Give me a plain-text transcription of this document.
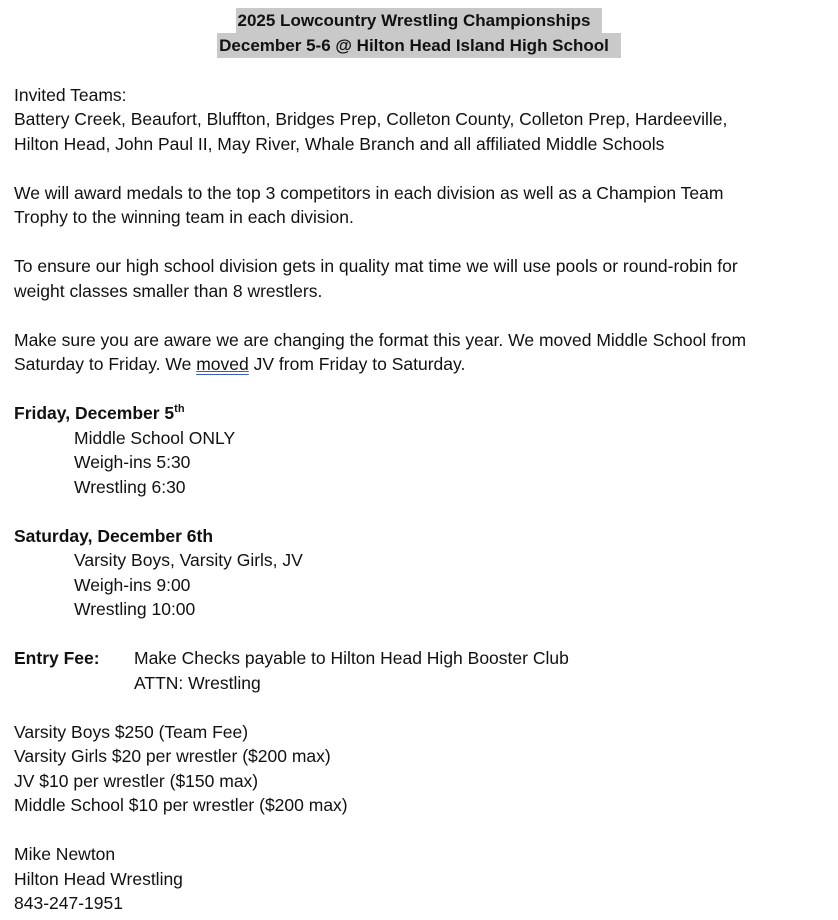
2025 Lowcountry Wrestling Championships
December 5-6 @ Hilton Head Island High School
Invited Teams:
Battery Creek, Beaufort, Bluffton, Bridges Prep, Colleton County, Colleton Prep, Hardeeville,
Hilton Head, John Paul II, May River, Whale Branch and all affiliated Middle Schools
We will award medals to the top 3 competitors in each division as well as a Champion Team
Trophy to the winning team in each division.
To ensure our high school division gets in quality mat time we will use pools or round-robin for
weight classes smaller than 8 wrestlers.
Make sure you are aware we are changing the format this year. We moved Middle School from
Saturday to Friday. We moved JV from Friday to Saturday.
Friday, December 5th
Middle School ONLY
Weigh-ins 5:30
Wrestling 6:30
Saturday, December 6th
Varsity Boys, Varsity Girls, JV
Weigh-ins 9:00
Wrestling 10:00
Entry Fee:	Make Checks payable to Hilton Head High Booster Club
ATTN: Wrestling
Varsity Boys $250 (Team Fee)
Varsity Girls $20 per wrestler ($200 max)
JV $10 per wrestler ($150 max)
Middle School $10 per wrestler ($200 max)
Mike Newton
Hilton Head Wrestling
843-247-1951
